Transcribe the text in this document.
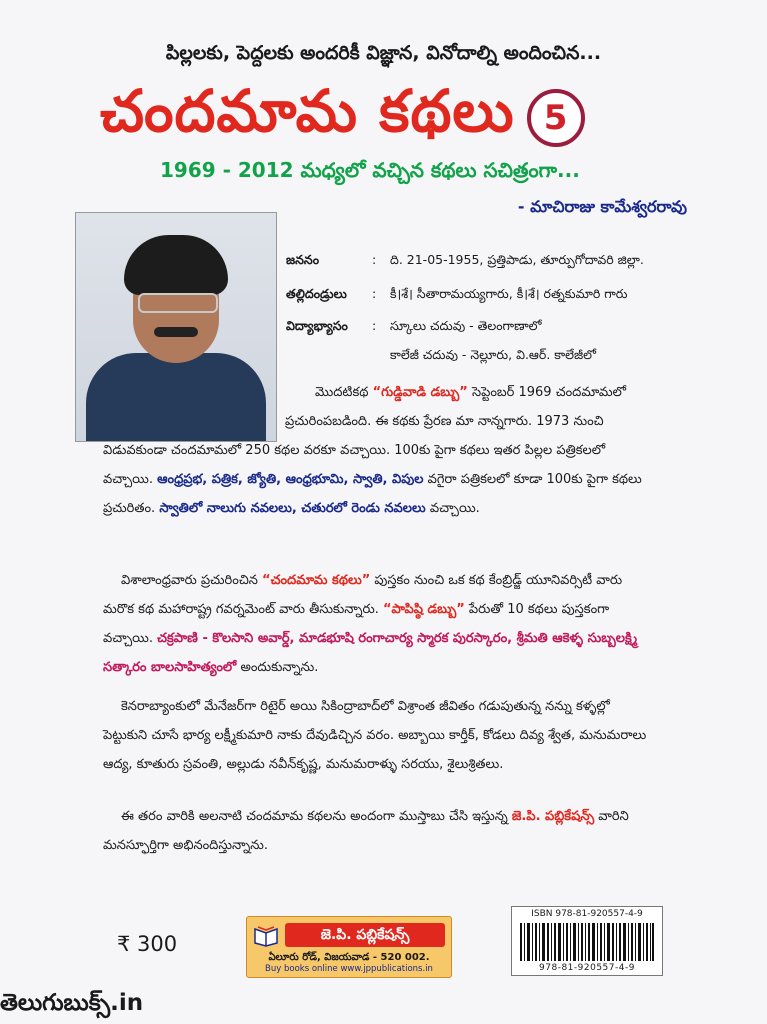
పిల్లలకు, పెద్దలకు అందరికీ విజ్ఞాన, వినోదాల్ని అందించిన...
చందమామ కథలు 5
1969 - 2012 మధ్యలో వచ్చిన కథలు సచిత్రంగా...
- మాచిరాజు కామేశ్వరరావు
జననం	: ది. 21-05-1955, ప్రత్తిపాడు, తూర్పుగోదావరి జిల్లా.
తల్లిదండ్రులు : కీ।శే। సీతారామయ్యగారు, కీ।శే। రత్నకుమారి గారు
విద్యాభ్యాసం : స్కూలు చదువు - తెలంగాణాలో
కాలేజీ చదువు - నెల్లూరు, వి.ఆర్. కాలేజీలో
మొదటికథ “గుడ్డివాడి డబ్బు” సెప్టెంబర్ 1969 చందమామలో
ప్రచురింపబడింది. ఈ కథకు ప్రేరణ మా నాన్నగారు. 1973 నుంచి
విడువకుండా చందమామలో 250 కథల వరకూ వచ్చాయి. 100కు పైగా కథలు ఇతర పిల్లల పత్రికలలో
వచ్చాయి. ఆంధ్రప్రభ, పత్రిక, జ్యోతి, ఆంధ్రభూమి, స్వాతి, విపుల వగైరా పత్రికలలో కూడా 100కు పైగా కథలు
ప్రచురితం. స్వాతిలో నాలుగు నవలలు, చతురలో రెండు నవలలు వచ్చాయి.
విశాలాంధ్రవారు ప్రచురించిన “చందమామ కథలు” పుస్తకం నుంచి ఒక కథ కేంబ్రిడ్జ్ యూనివర్సిటీ వారు
మరొక కథ మహారాష్ట్ర గవర్నమెంట్ వారు తీసుకున్నారు. “పాపిష్ఠి డబ్బు” పేరుతో 10 కథలు పుస్తకంగా
వచ్చాయి. చక్రపాణి - కొలసాని అవార్డ్, మాడభూషి రంగాచార్య స్మారక పురస్కారం, శ్రీమతి ఆకెళ్ళ సుబ్బలక్ష్మి
సత్కారం బాలసాహిత్యంలో అందుకున్నాను.
కెనరాబ్యాంకులో మేనేజర్‌గా రిటైర్ అయి సికింద్రాబాద్‌లో విశ్రాంత జీవితం గడుపుతున్న నన్ను కళ్ళల్లో
పెట్టుకుని చూసే భార్య లక్ష్మీకుమారి నాకు దేవుడిచ్చిన వరం. అబ్బాయి కార్తీక్, కోడలు దివ్య శ్వేత, మనుమరాలు
ఆద్య, కూతురు స్రవంతి, అల్లుడు నవీన్‌కృష్ణ, మనుమరాళ్ళు సరయు, శైలుశ్రితలు.
ఈ తరం వారికి అలనాటి చందమామ కథలను అందంగా ముస్తాబు చేసి ఇస్తున్న జె.పి. పబ్లికేషన్స్ వారిని
మనస్ఫూర్తిగా అభినందిస్తున్నాను.
₹ 300	జె.పి. పబ్లికేషన్స్
ఏలూరు రోడ్, విజయవాడ - 520 002.
Buy books online www.jppublications.in
ISBN 978-81-920557-4-9
978-81-920557-4-9
తెలుగుబుక్స్.in
